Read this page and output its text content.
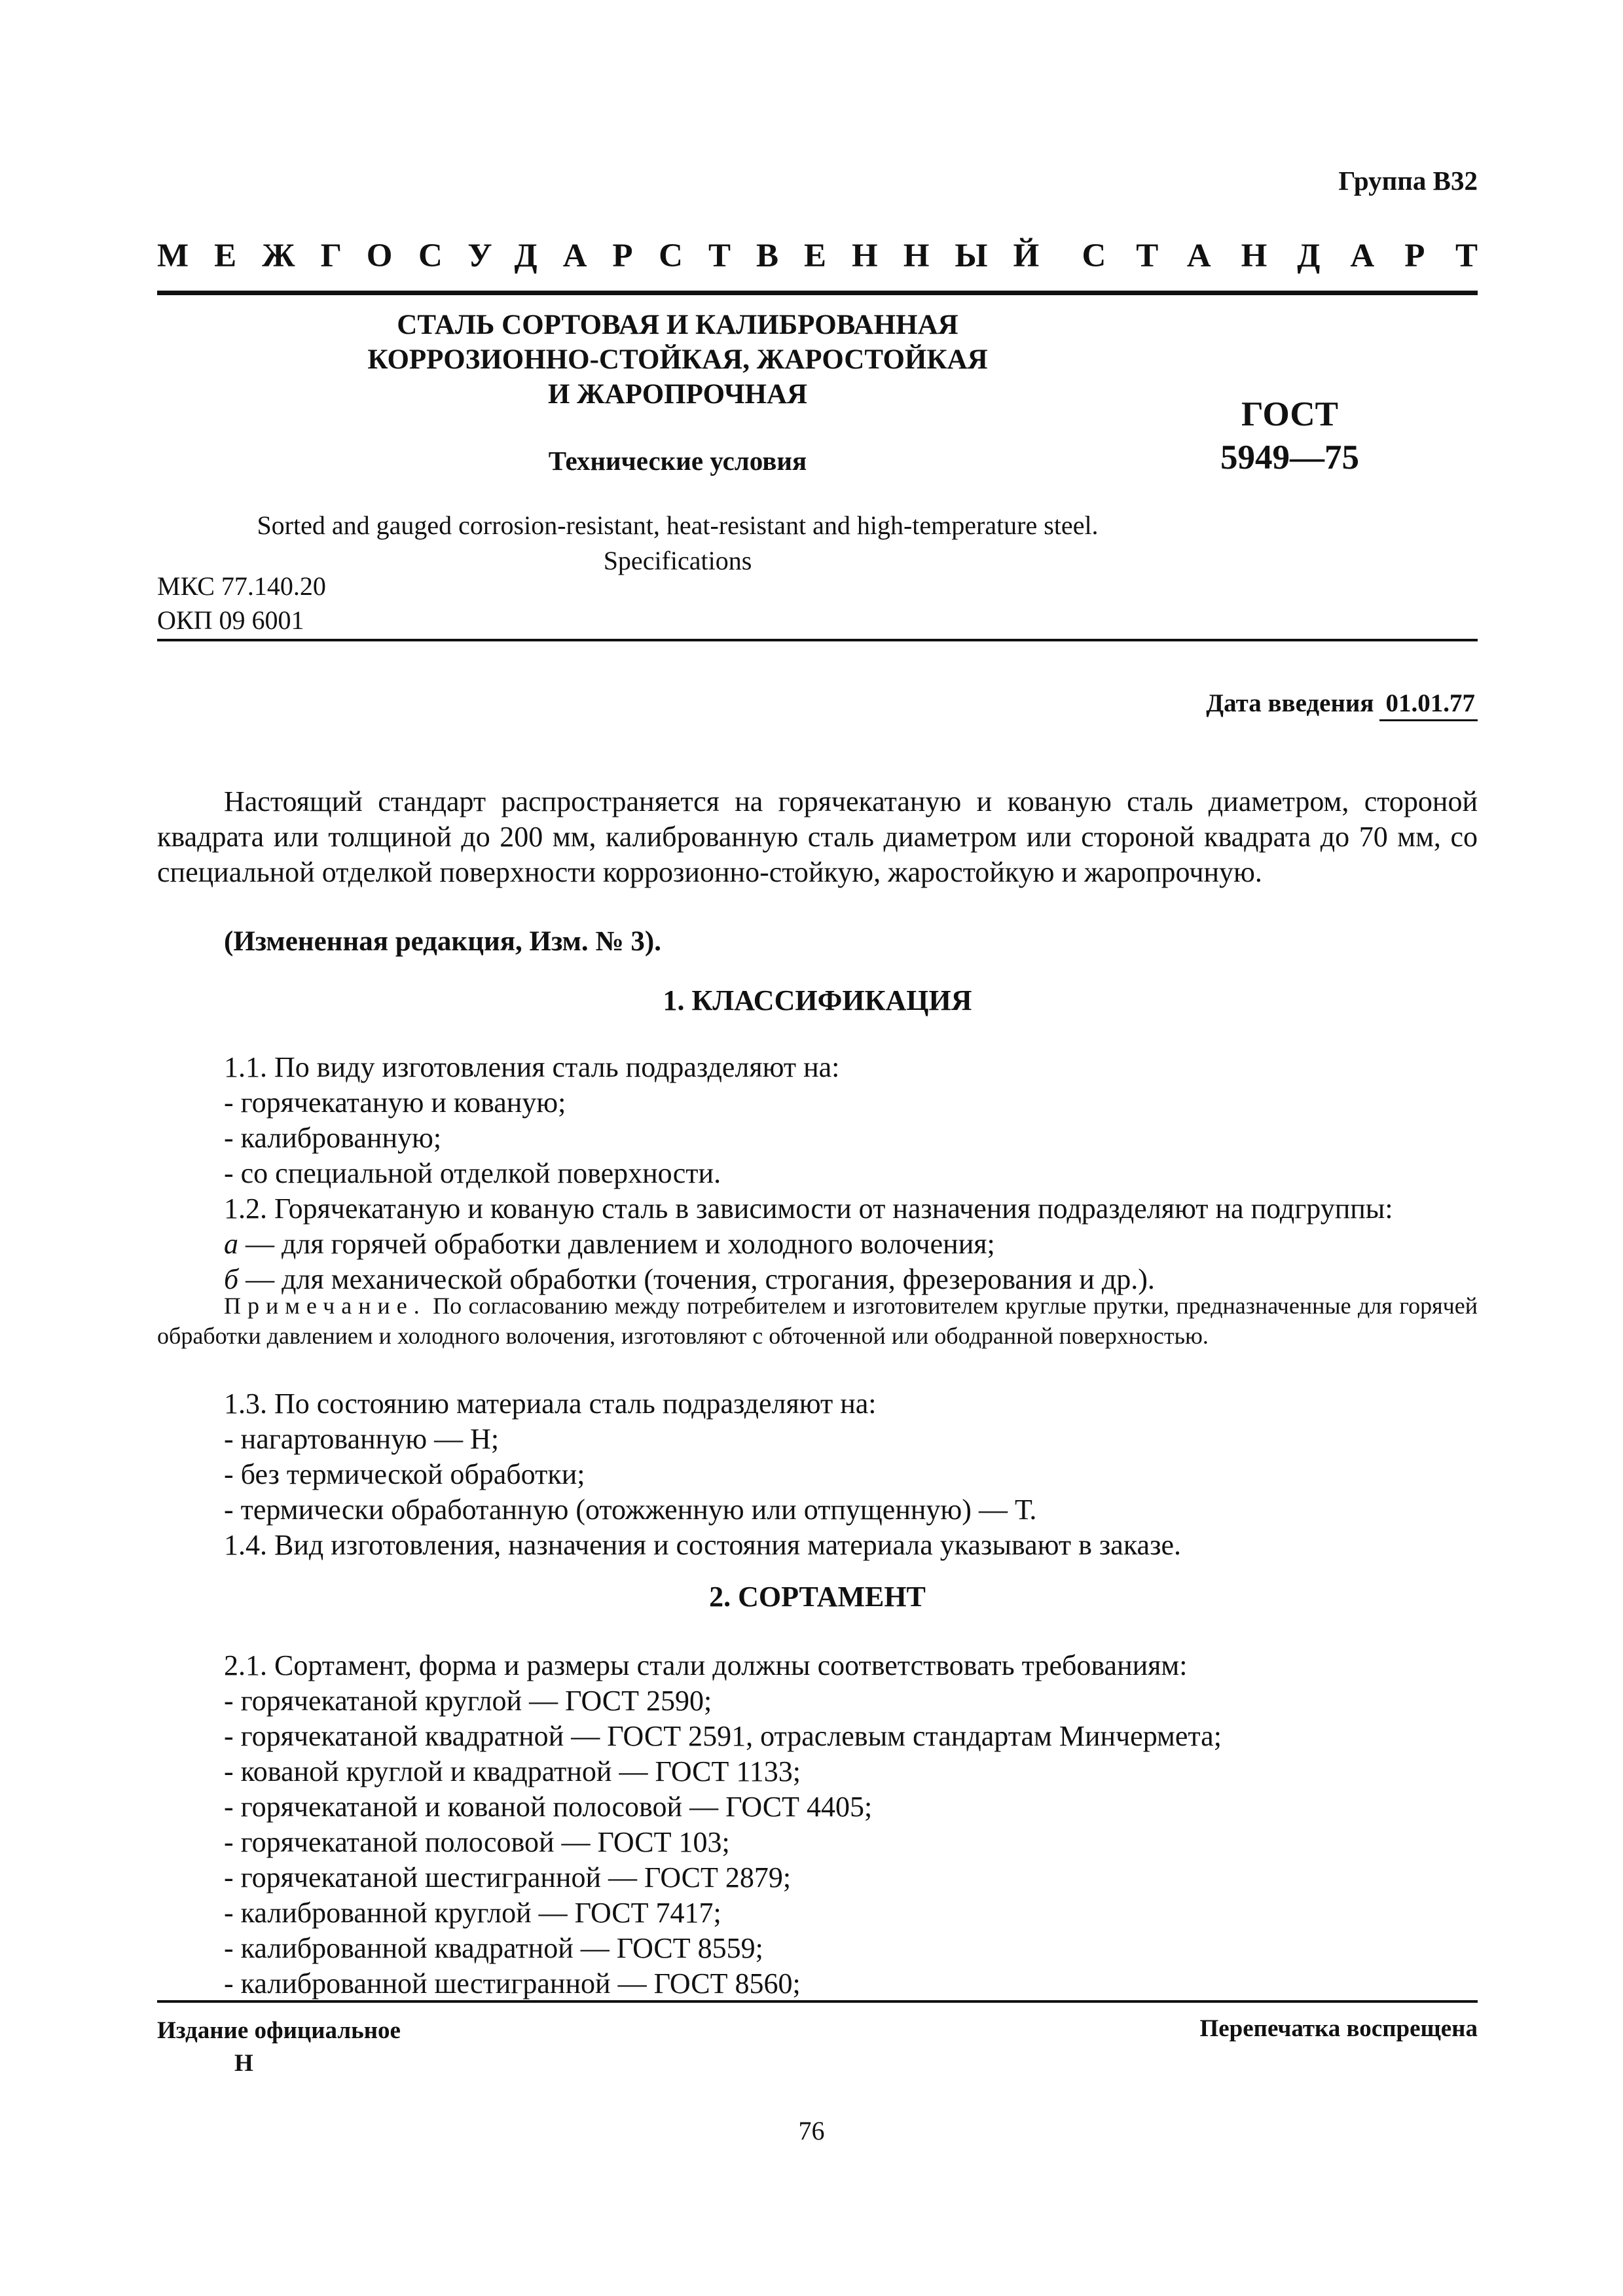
Группа В32
МЕЖГОСУДАРСТВЕННЫЙ СТАНДАРТ
СТАЛЬ СОРТОВАЯ И КАЛИБРОВАННАЯ
КОРРОЗИОННО-СТОЙКАЯ, ЖАРОСТОЙКАЯ
И ЖАРОПРОЧНАЯ
ГОСТ
5949—75
Технические условия
Sorted and gauged corrosion-resistant, heat-resistant and high-temperature steel.
Specifications
МКС 77.140.20
ОКП 09 6001
Дата введения 01.01.77
Настоящий стандарт распространяется на горячекатаную и кованую сталь диаметром, стороной квадрата или толщиной до 200 мм, калиброванную сталь диаметром или стороной квадрата до 70 мм, со специальной отделкой поверхности коррозионно-стойкую, жаростойкую и жаропрочную.
(Измененная редакция, Изм. № 3).
1. КЛАССИФИКАЦИЯ
1.1. По виду изготовления сталь подразделяют на:
- горячекатаную и кованую;
- калиброванную;
- со специальной отделкой поверхности.
1.2. Горячекатаную и кованую сталь в зависимости от назначения подразделяют на подгруппы:
а — для горячей обработки давлением и холодного волочения;
б — для механической обработки (точения, строгания, фрезерования и др.).
Примечание. По согласованию между потребителем и изготовителем круглые прутки, предназначенные для горячей обработки давлением и холодного волочения, изготовляют с обточенной или ободранной поверхностью.
1.3. По состоянию материала сталь подразделяют на:
- нагартованную — Н;
- без термической обработки;
- термически обработанную (отожженную или отпущенную) — Т.
1.4. Вид изготовления, назначения и состояния материала указывают в заказе.
2. СОРТАМЕНТ
2.1. Сортамент, форма и размеры стали должны соответствовать требованиям:
- горячекатаной круглой — ГОСТ 2590;
- горячекатаной квадратной — ГОСТ 2591, отраслевым стандартам Минчермета;
- кованой круглой и квадратной — ГОСТ 1133;
- горячекатаной и кованой полосовой — ГОСТ 4405;
- горячекатаной полосовой — ГОСТ 103;
- горячекатаной шестигранной — ГОСТ 2879;
- калиброванной круглой — ГОСТ 7417;
- калиброванной квадратной — ГОСТ 8559;
- калиброванной шестигранной — ГОСТ 8560;
Издание официальное
Н
Перепечатка воспрещена
76
